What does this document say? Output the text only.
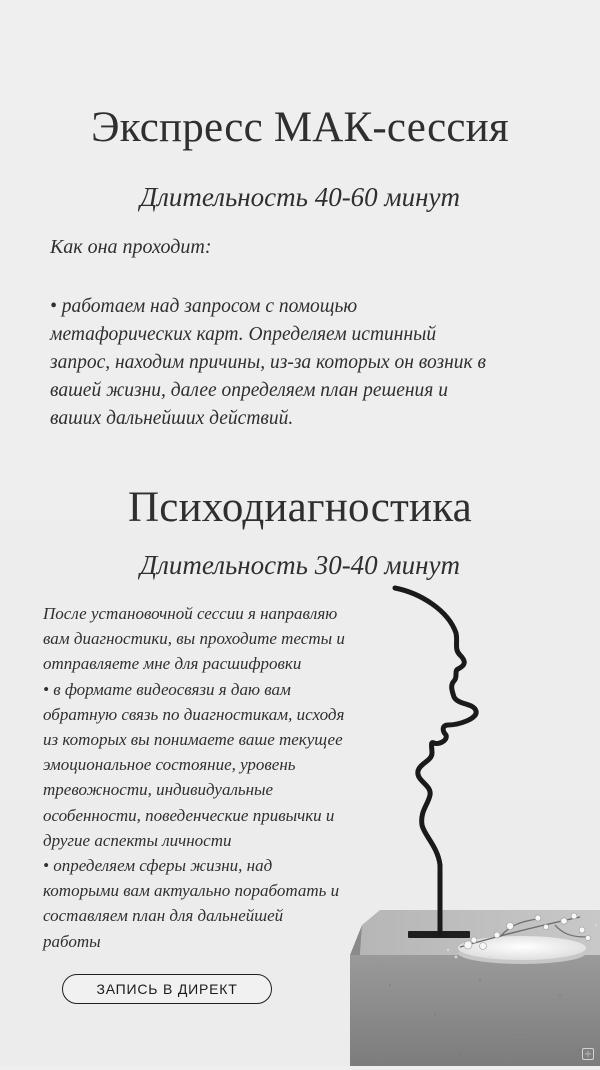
Экспресс МАК-сессия
Длительность 40-60 минут
Как она проходит:
• работаем над запросом с помощью
метафорических карт. Определяем истинный
запрос, находим причины, из-за которых он возник в
вашей жизни, далее определяем план решения и
ваших дальнейших действий.
Психодиагностика
Длительность 30-40 минут
После установочной сессии я направляю
вам диагностики, вы проходите тесты и
отправляете мне для расшифровки
• в формате видеосвязи я даю вам
обратную связь по диагностикам, исходя
из которых вы понимаете ваше текущее
эмоциональное состояние, уровень
тревожности, индивидуальные
особенности, поведенческие привычки и
другие аспекты личности
• определяем сферы жизни, над
которыми вам актуально поработать и
составляем план для дальнейшей
работы
ЗАПИСЬ В ДИРЕКТ
+
